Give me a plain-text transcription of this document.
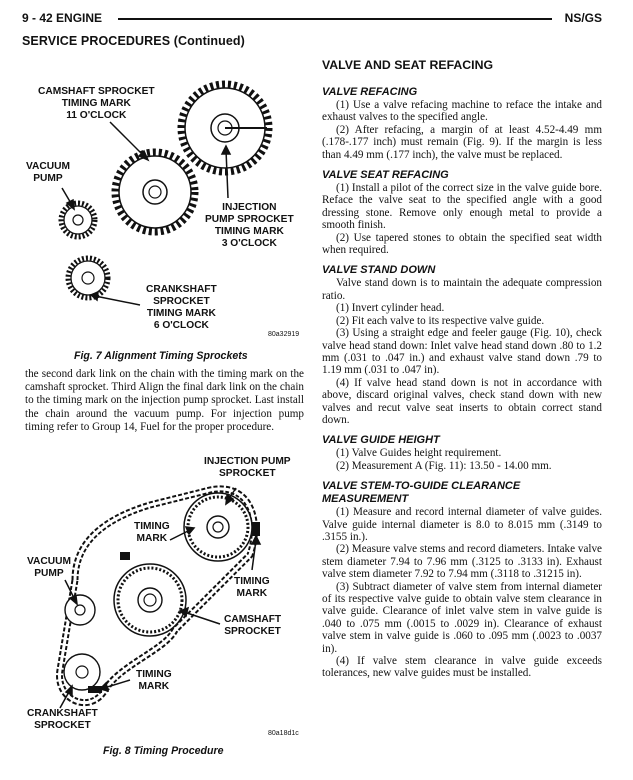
9 - 42 ENGINE	NS/GS
SERVICE PROCEDURES (Continued)
CAMSHAFT SPROCKET
TIMING MARK
11 O'CLOCK
VACUUM
PUMP
INJECTION
PUMP SPROCKET
TIMING MARK
3 O'CLOCK
CRANKSHAFT
SPROCKET
TIMING MARK
6 O'CLOCK
80a32919
Fig. 7 Alignment Timing Sprockets

the second dark link on the chain with the timing mark on the camshaft sprocket. Third Align the final dark link on the chain to the timing mark on the injection pump sprocket. Last install the chain around the vacuum pump. For injection pump timing refer to Group 14, Fuel for the proper procedure.

INJECTION PUMP
SPROCKET
TIMING
MARK
VACUUM
PUMP
TIMING
MARK
CAMSHAFT
SPROCKET
TIMING
MARK
CRANKSHAFT
SPROCKET
80a18d1c
Fig. 8 Timing Procedure
VALVE AND SEAT REFACING
VALVE REFACING

(1) Use a valve refacing machine to reface the intake and exhaust valves to the specified angle.

(2) After refacing, a margin of at least 4.52-4.49 mm (.178-.177 inch) must remain (Fig. 9). If the margin is less than 4.49 mm (.177 inch), the valve must be replaced.

VALVE SEAT REFACING

(1) Install a pilot of the correct size in the valve guide bore. Reface the valve seat to the specified angle with a good dressing stone. Remove only enough metal to provide a smooth finish.

(2) Use tapered stones to obtain the specified seat width when required.

VALVE STAND DOWN

Valve stand down is to maintain the adequate compression ratio.

(1) Invert cylinder head.

(2) Fit each valve to its respective valve guide.

(3) Using a straight edge and feeler gauge (Fig. 10), check valve head stand down: Inlet valve head stand down .80 to 1.2 mm (.031 to .047 in.) and exhaust valve stand down .79 to 1.19 mm (.031 to .047 in).

(4) If valve head stand down is not in accordance with above, discard original valves, check stand down with new valves and recut valve seat inserts to obtain correct stand down.

VALVE GUIDE HEIGHT

(1) Valve Guides height requirement.

(2) Measurement A (Fig. 11): 13.50 - 14.00 mm.

VALVE STEM-TO-GUIDE CLEARANCE MEASUREMENT

(1) Measure and record internal diameter of valve guides. Valve guide internal diameter is 8.0 to 8.015 mm (.3149 to .3155 in.).

(2) Measure valve stems and record diameters. Intake valve stem diameter 7.94 to 7.96 mm (.3125 to .3133 in). Exhaust valve stem diameter 7.92 to 7.94 mm (.3118 to .31215 in).

(3) Subtract diameter of valve stem from internal diameter of its respective valve guide to obtain valve stem clearance in valve guide. Clearance of inlet valve stem in valve guide is .040 to .075 mm (.0015 to .0029 in). Clearance of exhaust valve stem in valve guide is .060 to .095 mm (.0023 to .0037 in).

(4) If valve stem clearance in valve guide exceeds tolerances, new valve guides must be installed.
